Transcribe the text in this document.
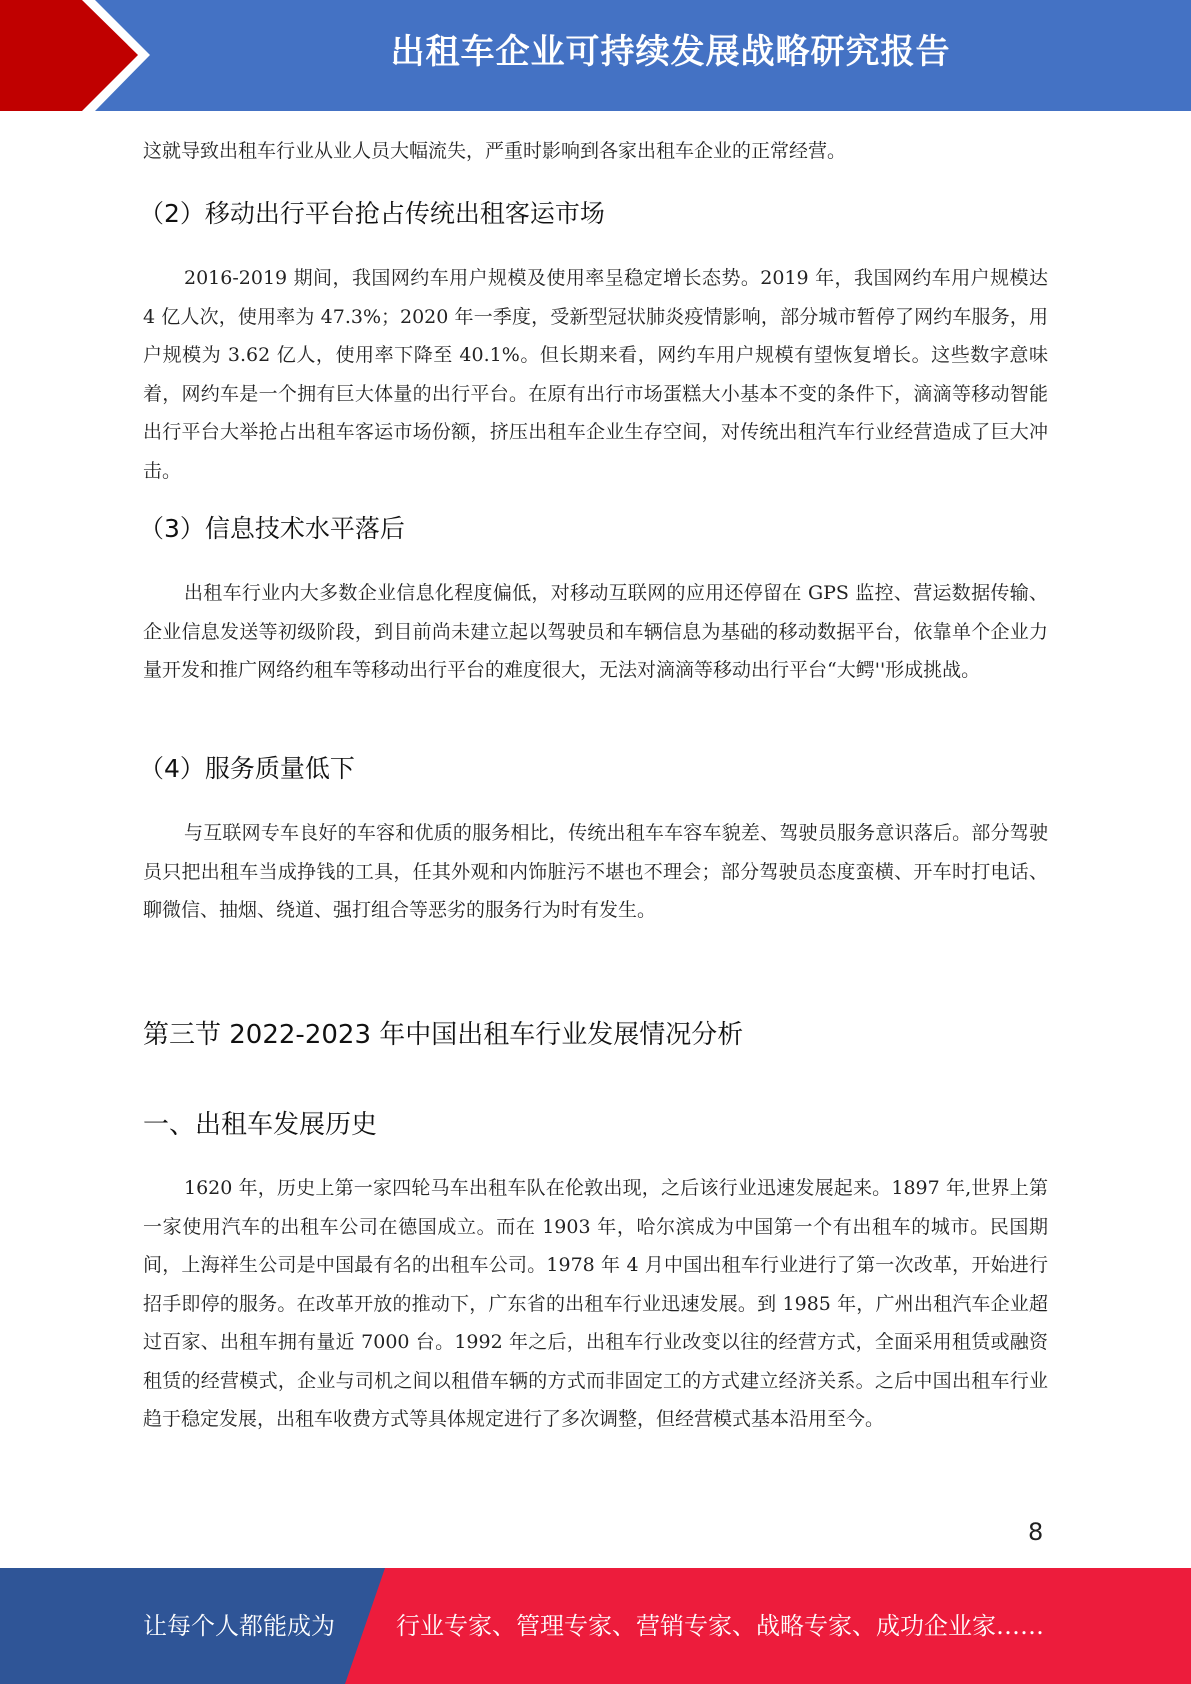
出租车企业可持续发展战略研究报告

这就导致出租车行业从业人员大幅流失，严重时影响到各家出租车企业的正常经营。

（2）移动出行平台抢占传统出租客运市场

2016-2019 期间，我国网约车用户规模及使用率呈稳定增长态势。2019 年，我国网约车用户规模达 4 亿人次，使用率为 47.3%；2020 年一季度，受新型冠状肺炎疫情影响，部分城市暂停了网约车服务，用户规模为 3.62 亿人，使用率下降至 40.1%。但长期来看，网约车用户规模有望恢复增长。这些数字意味着，网约车是一个拥有巨大体量的出行平台。在原有出行市场蛋糕大小基本不变的条件下，滴滴等移动智能出行平台大举抢占出租车客运市场份额，挤压出租车企业生存空间，对传统出租汽车行业经营造成了巨大冲击。

（3）信息技术水平落后

出租车行业内大多数企业信息化程度偏低，对移动互联网的应用还停留在 GPS 监控、营运数据传输、企业信息发送等初级阶段，到目前尚未建立起以驾驶员和车辆信息为基础的移动数据平台，依靠单个企业力量开发和推广网络约租车等移动出行平台的难度很大，无法对滴滴等移动出行平台“大鳄''形成挑战。

（4）服务质量低下

与互联网专车良好的车容和优质的服务相比，传统出租车车容车貌差、驾驶员服务意识落后。部分驾驶员只把出租车当成挣钱的工具，任其外观和内饰脏污不堪也不理会；部分驾驶员态度蛮横、开车时打电话、聊微信、抽烟、绕道、强打组合等恶劣的服务行为时有发生。

第三节 2022-2023 年中国出租车行业发展情况分析
一、出租车发展历史

1620 年，历史上第一家四轮马车出租车队在伦敦出现，之后该行业迅速发展起来。1897 年,世界上第一家使用汽车的出租车公司在德国成立。而在 1903 年，哈尔滨成为中国第一个有出租车的城市。民国期间，上海祥生公司是中国最有名的出租车公司。1978 年 4 月中国出租车行业进行了第一次改革，开始进行招手即停的服务。在改革开放的推动下，广东省的出租车行业迅速发展。到 1985 年，广州出租汽车企业超过百家、出租车拥有量近 7000 台。1992 年之后，出租车行业改变以往的经营方式，全面采用租赁或融资租赁的经营模式，企业与司机之间以租借车辆的方式而非固定工的方式建立经济关系。之后中国出租车行业趋于稳定发展，出租车收费方式等具体规定进行了多次调整，但经营模式基本沿用至今。

8
让每个人都能成为	行业专家、管理专家、营销专家、战略专家、成功企业家……
